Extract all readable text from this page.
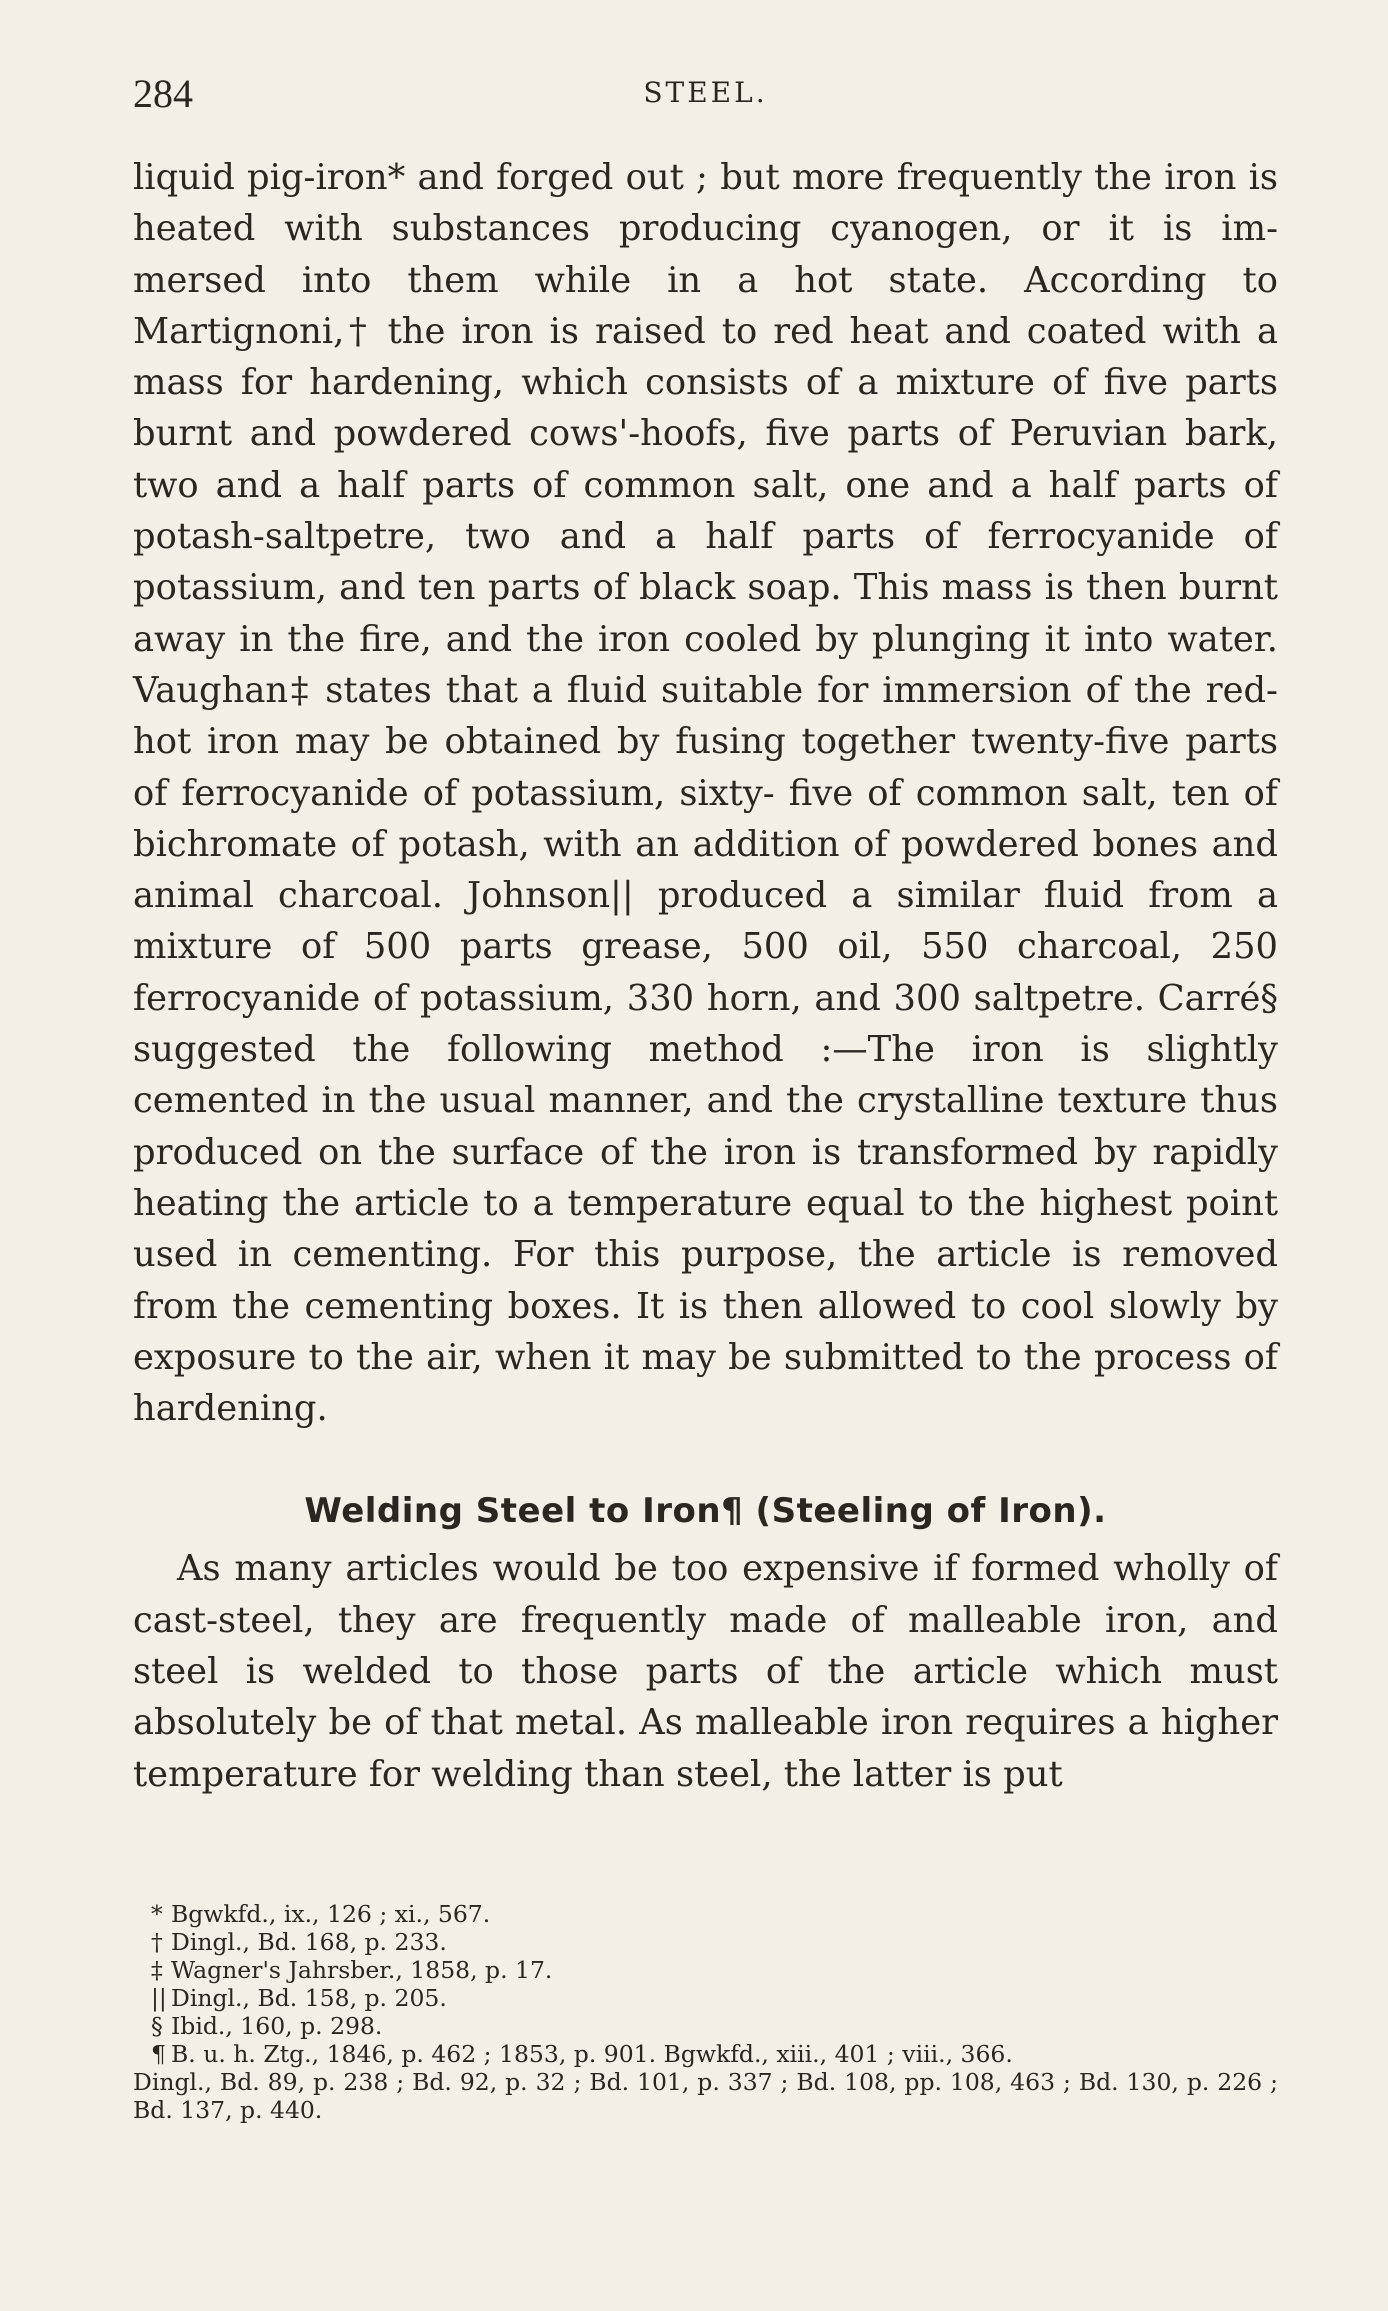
284	STEEL.

liquid pig-iron* and forged out ; but more frequently the iron is heated with substances producing cyanogen, or it is im- mersed into them while in a hot state. According to Martignoni,† the iron is raised to red heat and coated with a mass for hardening, which consists of a mixture of five parts burnt and powdered cows'-hoofs, five parts of Peruvian bark, two and a half parts of common salt, one and a half parts of potash-saltpetre, two and a half parts of ferrocyanide of potassium, and ten parts of black soap. This mass is then burnt away in the fire, and the iron cooled by plunging it into water. Vaughan‡ states that a fluid suitable for immersion of the red-hot iron may be obtained by fusing together twenty-five parts of ferrocyanide of potassium, sixty- five of common salt, ten of bichromate of potash, with an addition of powdered bones and animal charcoal. Johnson|| produced a similar fluid from a mixture of 500 parts grease, 500 oil, 550 charcoal, 250 ferrocyanide of potassium, 330 horn, and 300 saltpetre. Carré§ suggested the following method :—The iron is slightly cemented in the usual manner, and the crystalline texture thus produced on the surface of the iron is transformed by rapidly heating the article to a temperature equal to the highest point used in cementing. For this purpose, the article is removed from the cementing boxes. It is then allowed to cool slowly by exposure to the air, when it may be submitted to the process of hardening.

Welding Steel to Iron¶ (Steeling of Iron).

As many articles would be too expensive if formed wholly of cast-steel, they are frequently made of malleable iron, and steel is welded to those parts of the article which must absolutely be of that metal. As malleable iron requires a higher temperature for welding than steel, the latter is put

* Bgwkfd., ix., 126 ; xi., 567.
† Dingl., Bd. 168, p. 233.
‡ Wagner's Jahrsber., 1858, p. 17.
|| Dingl., Bd. 158, p. 205.
§ Ibid., 160, p. 298.
¶ B. u. h. Ztg., 1846, p. 462 ; 1853, p. 901. Bgwkfd., xiii., 401 ; viii., 366.
Dingl., Bd. 89, p. 238 ; Bd. 92, p. 32 ; Bd. 101, p. 337 ; Bd. 108, pp. 108, 463 ; Bd. 130, p. 226 ; Bd. 137, p. 440.
